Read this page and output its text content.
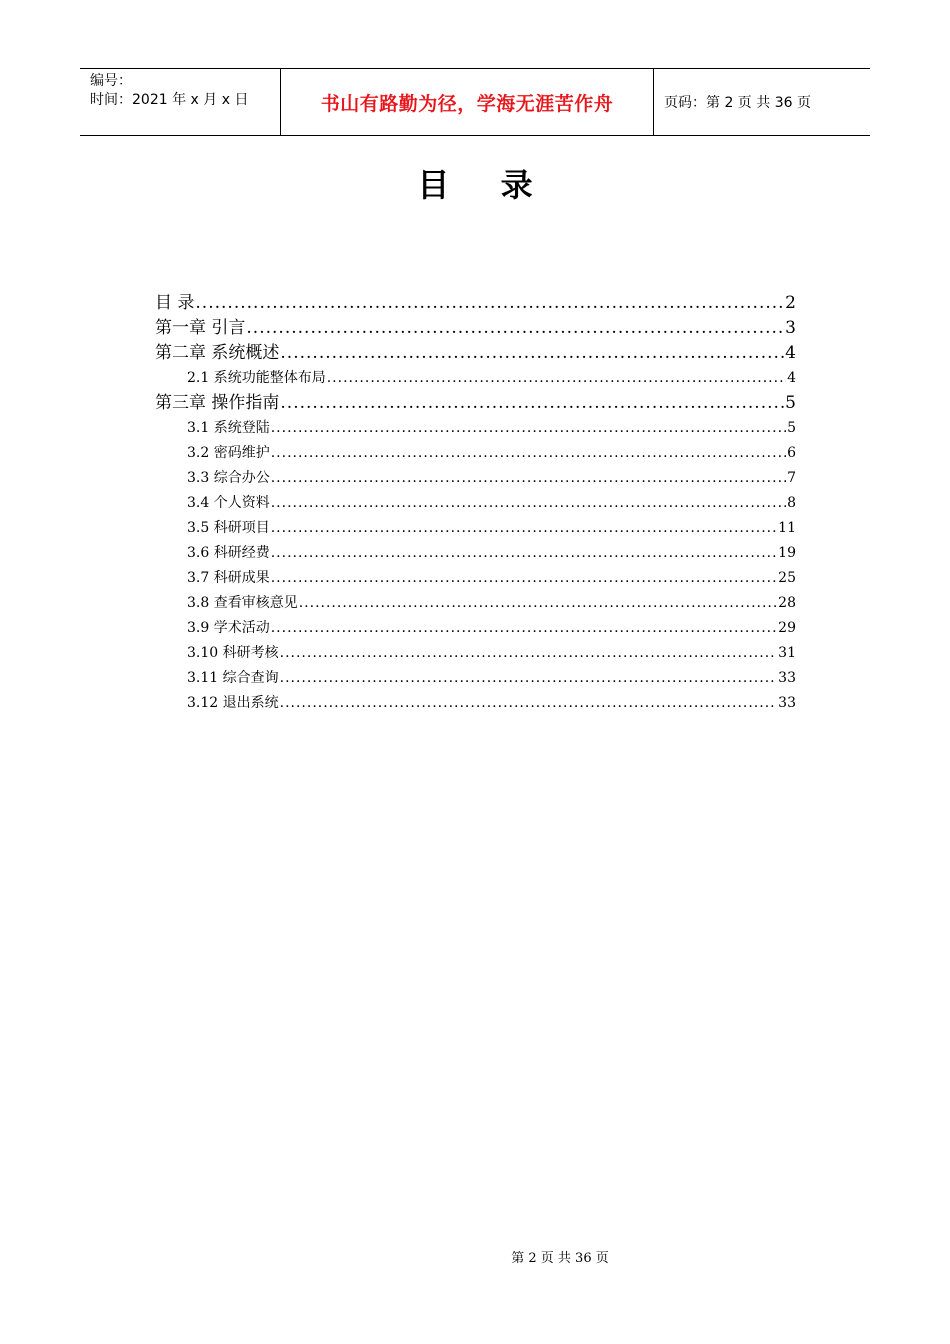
编号：
时间：2021 年 x 月 x 日	书山有路勤为径，学海无涯苦作舟	页码：第 2 页 共 36 页
目 录
目 录 .....	2
第一章 引言 .....	3
第二章 系统概述 .....	4
2.1 系统功能整体布局 .....	4
第三章 操作指南 .....	5
3.1 系统登陆 .....	5
3.2 密码维护 .....	6
3.3 综合办公 .....	7
3.4 个人资料 .....	8
3.5 科研项目 .....	11
3.6 科研经费 .....	19
3.7 科研成果 .....	25
3.8 查看审核意见 .....	28
3.9 学术活动 .....	29
3.10 科研考核 .....	31
3.11 综合查询 .....	33
3.12 退出系统 .....	33
第 2 页 共 36 页
